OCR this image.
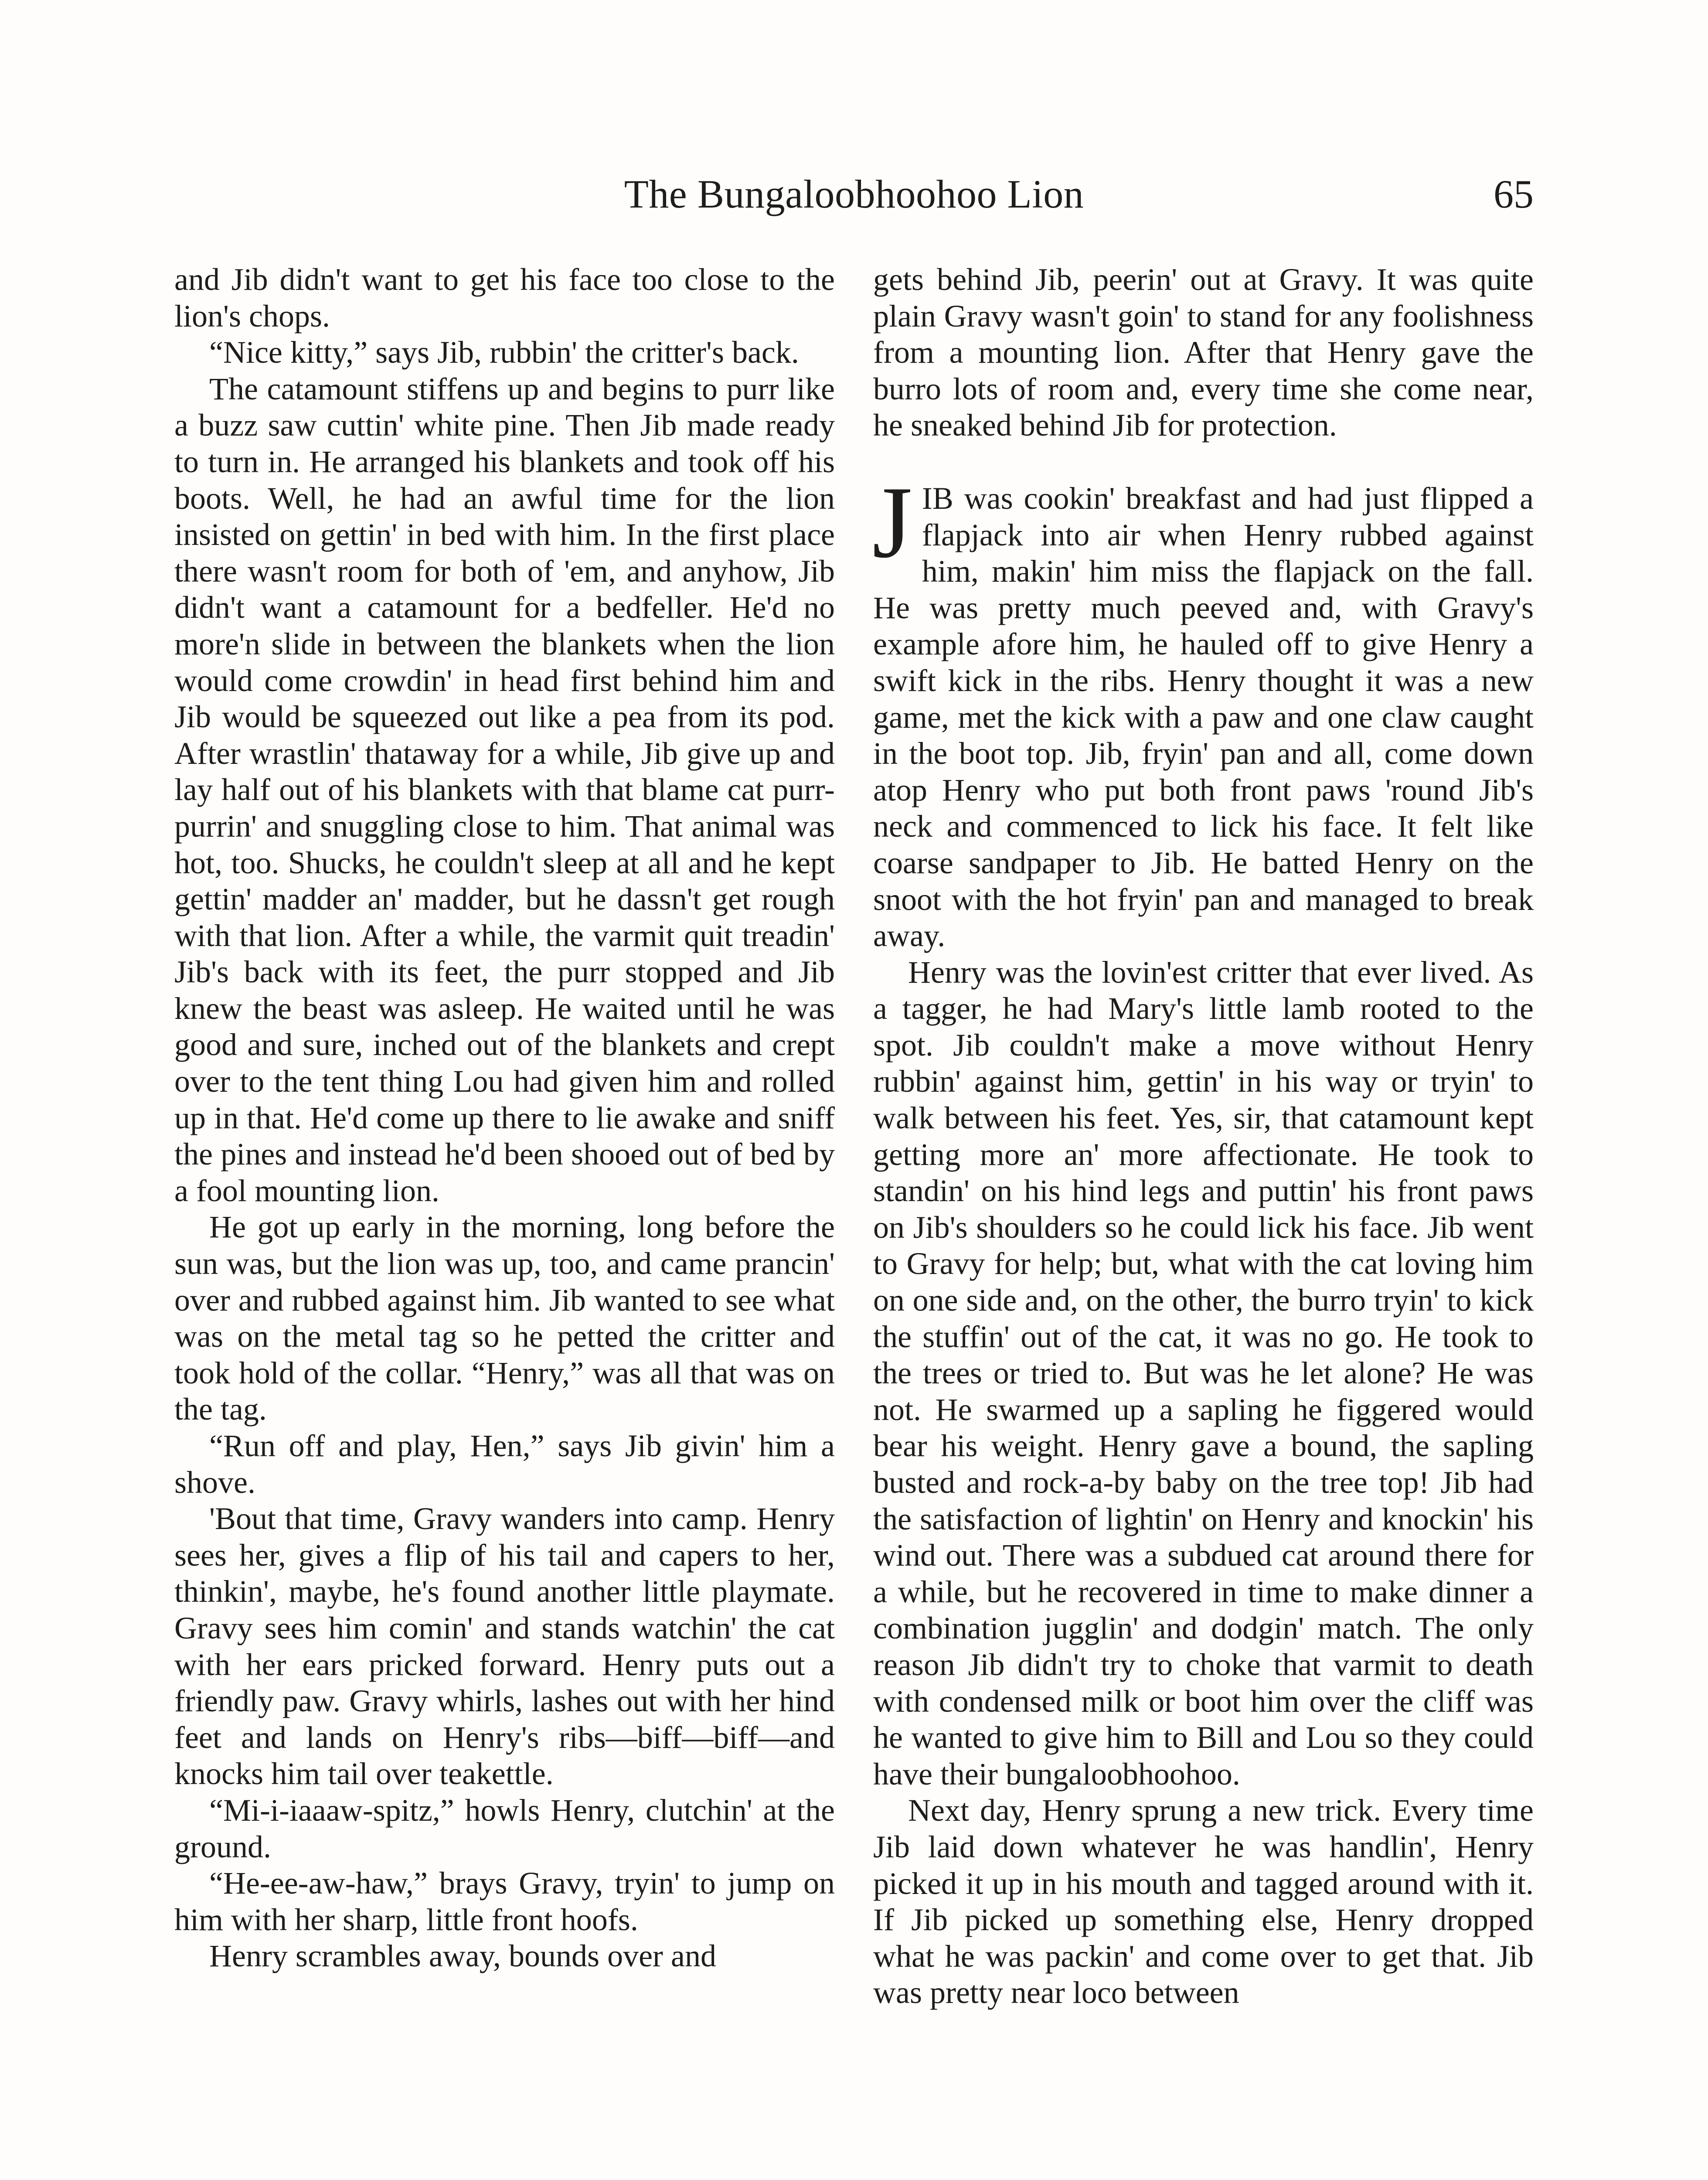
The Bungaloobhoohoo Lion	65

and Jib didn't want to get his face too close to the lion's chops.

“Nice kitty,” says Jib, rubbin' the critter's back.

The catamount stiffens up and begins to purr like a buzz saw cuttin' white pine. Then Jib made ready to turn in. He arranged his blankets and took off his boots. Well, he had an awful time for the lion insisted on gettin' in bed with him. In the first place there wasn't room for both of 'em, and anyhow, Jib didn't want a catamount for a bedfeller. He'd no more'n slide in between the blankets when the lion would come crowdin' in head first behind him and Jib would be squeezed out like a pea from its pod. After wrastlin' thataway for a while, Jib give up and lay half out of his blankets with that blame cat purr-purrin' and snuggling close to him. That animal was hot, too. Shucks, he couldn't sleep at all and he kept gettin' madder an' madder, but he dassn't get rough with that lion. After a while, the varmit quit treadin' Jib's back with its feet, the purr stopped and Jib knew the beast was asleep. He waited until he was good and sure, inched out of the blankets and crept over to the tent thing Lou had given him and rolled up in that. He'd come up there to lie awake and sniff the pines and instead he'd been shooed out of bed by a fool mounting lion.

He got up early in the morning, long before the sun was, but the lion was up, too, and came prancin' over and rubbed against him. Jib wanted to see what was on the metal tag so he petted the critter and took hold of the collar. “Henry,” was all that was on the tag.

“Run off and play, Hen,” says Jib givin' him a shove.

'Bout that time, Gravy wanders into camp. Henry sees her, gives a flip of his tail and capers to her, thinkin', maybe, he's found another little playmate. Gravy sees him comin' and stands watchin' the cat with her ears pricked forward. Henry puts out a friendly paw. Gravy whirls, lashes out with her hind feet and lands on Henry's ribs—biff—biff—and knocks him tail over teakettle.

“Mi-i-iaaaw-spitz,” howls Henry, clutchin' at the ground.

“He-ee-aw-haw,” brays Gravy, tryin' to jump on him with her sharp, little front hoofs.

Henry scrambles away, bounds over and

gets behind Jib, peerin' out at Gravy. It was quite plain Gravy wasn't goin' to stand for any foolishness from a mounting lion. After that Henry gave the burro lots of room and, every time she come near, he sneaked behind Jib for protection.

JIB was cookin' breakfast and had just flipped a flapjack into air when Henry rubbed against him, makin' him miss the flapjack on the fall. He was pretty much peeved and, with Gravy's example afore him, he hauled off to give Henry a swift kick in the ribs. Henry thought it was a new game, met the kick with a paw and one claw caught in the boot top. Jib, fryin' pan and all, come down atop Henry who put both front paws 'round Jib's neck and commenced to lick his face. It felt like coarse sandpaper to Jib. He batted Henry on the snoot with the hot fryin' pan and managed to break away.

Henry was the lovin'est critter that ever lived. As a tagger, he had Mary's little lamb rooted to the spot. Jib couldn't make a move without Henry rubbin' against him, gettin' in his way or tryin' to walk between his feet. Yes, sir, that catamount kept getting more an' more affectionate. He took to standin' on his hind legs and puttin' his front paws on Jib's shoulders so he could lick his face. Jib went to Gravy for help; but, what with the cat loving him on one side and, on the other, the burro tryin' to kick the stuffin' out of the cat, it was no go. He took to the trees or tried to. But was he let alone? He was not. He swarmed up a sapling he figgered would bear his weight. Henry gave a bound, the sapling busted and rock-a-by baby on the tree top! Jib had the satisfaction of lightin' on Henry and knockin' his wind out. There was a subdued cat around there for a while, but he recovered in time to make dinner a combination jugglin' and dodgin' match. The only reason Jib didn't try to choke that varmit to death with condensed milk or boot him over the cliff was he wanted to give him to Bill and Lou so they could have their bungaloobhoohoo.

Next day, Henry sprung a new trick. Every time Jib laid down whatever he was handlin', Henry picked it up in his mouth and tagged around with it. If Jib picked up something else, Henry dropped what he was packin' and come over to get that. Jib was pretty near loco between
